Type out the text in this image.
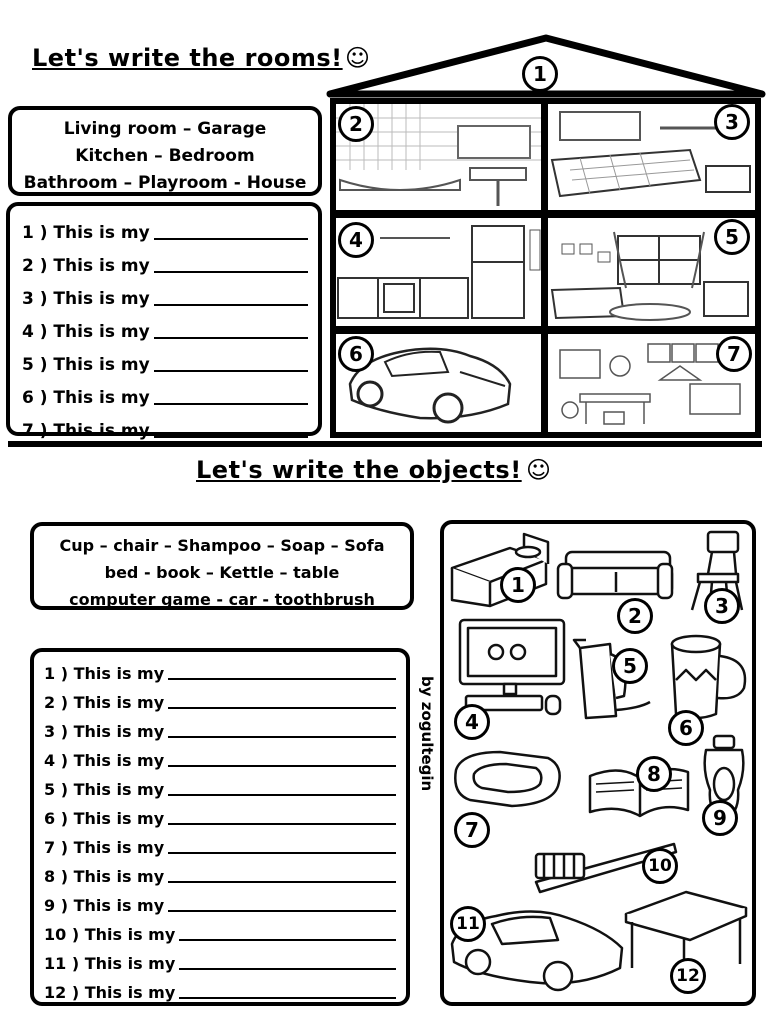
Let's write the rooms! ☺
Living room – Garage
Kitchen – Bedroom
Bathroom – Playroom - House
1 ) This is my
2 ) This is my
3 ) This is my
4 ) This is my
5 ) This is my
6 ) This is my
7 ) This is my
1
2	3
4	5
6	7
Let's write the objects! ☺
Cup – chair – Shampoo – Soap – Sofa
bed - book – Kettle – table
computer game - car - toothbrush
1 ) This is my
2 ) This is my
3 ) This is my
4 ) This is my
5 ) This is my
6 ) This is my
7 ) This is my
8 ) This is my
9 ) This is my
10 ) This is my
11 ) This is my
12 ) This is my
by zogultegin
1
2	3
4
5
6
7
8
9
10
11
12
